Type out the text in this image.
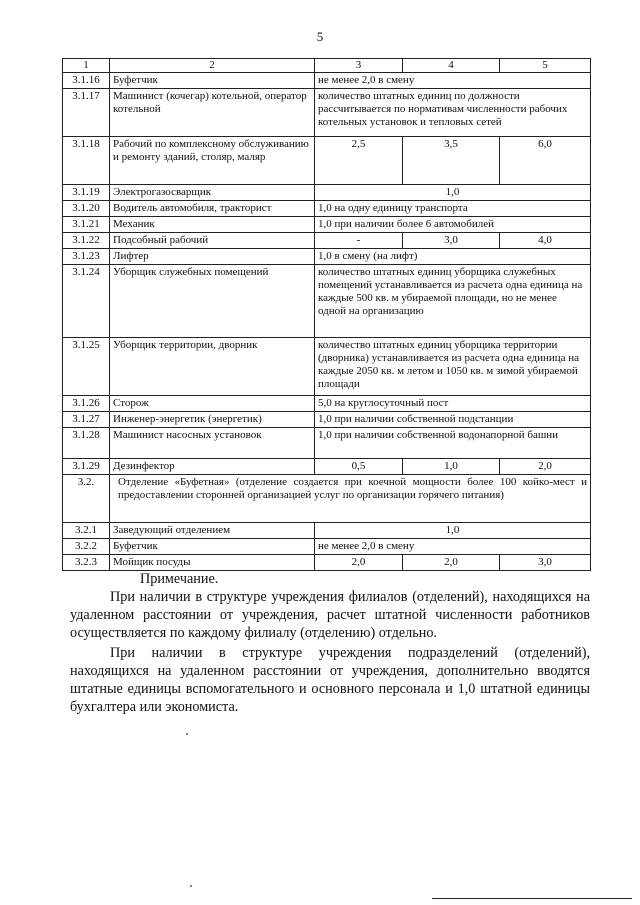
5
1	2	3	4	5
3.1.16	Буфетчик	не менее 2,0 в смену		
3.1.17	Машинист (кочегар) котельной, оператор котельной	количество штатных единиц по должности рассчитывается по нормативам численности рабочих котельных установок и тепловых сетей		
3.1.18	Рабочий по комплексному обслуживанию и ремонту зданий, столяр, маляр	2,5	3,5	6,0
3.1.19	Электрогазосварщик	1,0		
3.1.20	Водитель автомобиля, тракторист	1,0 на одну единицу транспорта		
3.1.21	Механик	1,0 при наличии более 6 автомобилей		
3.1.22	Подсобный рабочий	-	3,0	4,0
3.1.23	Лифтер	1,0 в смену (на лифт)		
3.1.24	Уборщик служебных помещений	количество штатных единиц уборщика служебных помещений устанавливается из расчета одна единица на каждые 500 кв. м убираемой площади, но не менее одной на организацию		
3.1.25	Уборщик территории, дворник	количество штатных единиц уборщика территории (дворника) устанавливается из расчета одна единица на каждые 2050 кв. м летом и 1050 кв. м зимой убираемой площади		
3.1.26	Сторож	5,0 на круглосуточный пост		
3.1.27	Инженер-энергетик (энергетик)	1,0 при наличии собственной подстанции		
3.1.28	Машинист насосных установок	1,0 при наличии собственной водонапорной башни		
3.1.29	Дезинфектор	0,5	1,0	2,0
3.2.	Отделение «Буфетная» (отделение создается при коечной мощности более 100 койко-мест и предоставлении сторонней организацией услуг по организации горячего питания)			
3.2.1	Заведующий отделением	1,0		
3.2.2	Буфетчик	не менее 2,0 в смену		
3.2.3	Мойщик посуды	2,0	2,0	3,0
Примечание.
При наличии в структуре учреждения филиалов (отделений), находящихся на удаленном расстоянии от учреждения, расчет штатной численности работников осуществляется по каждому филиалу (отделению) отдельно.
При наличии в структуре учреждения подразделений (отделений), находящихся на удаленном расстоянии от учреждения, дополнительно вводятся штатные единицы вспомогательного и основного персонала и 1,0 штатной единицы бухгалтера или экономиста.
